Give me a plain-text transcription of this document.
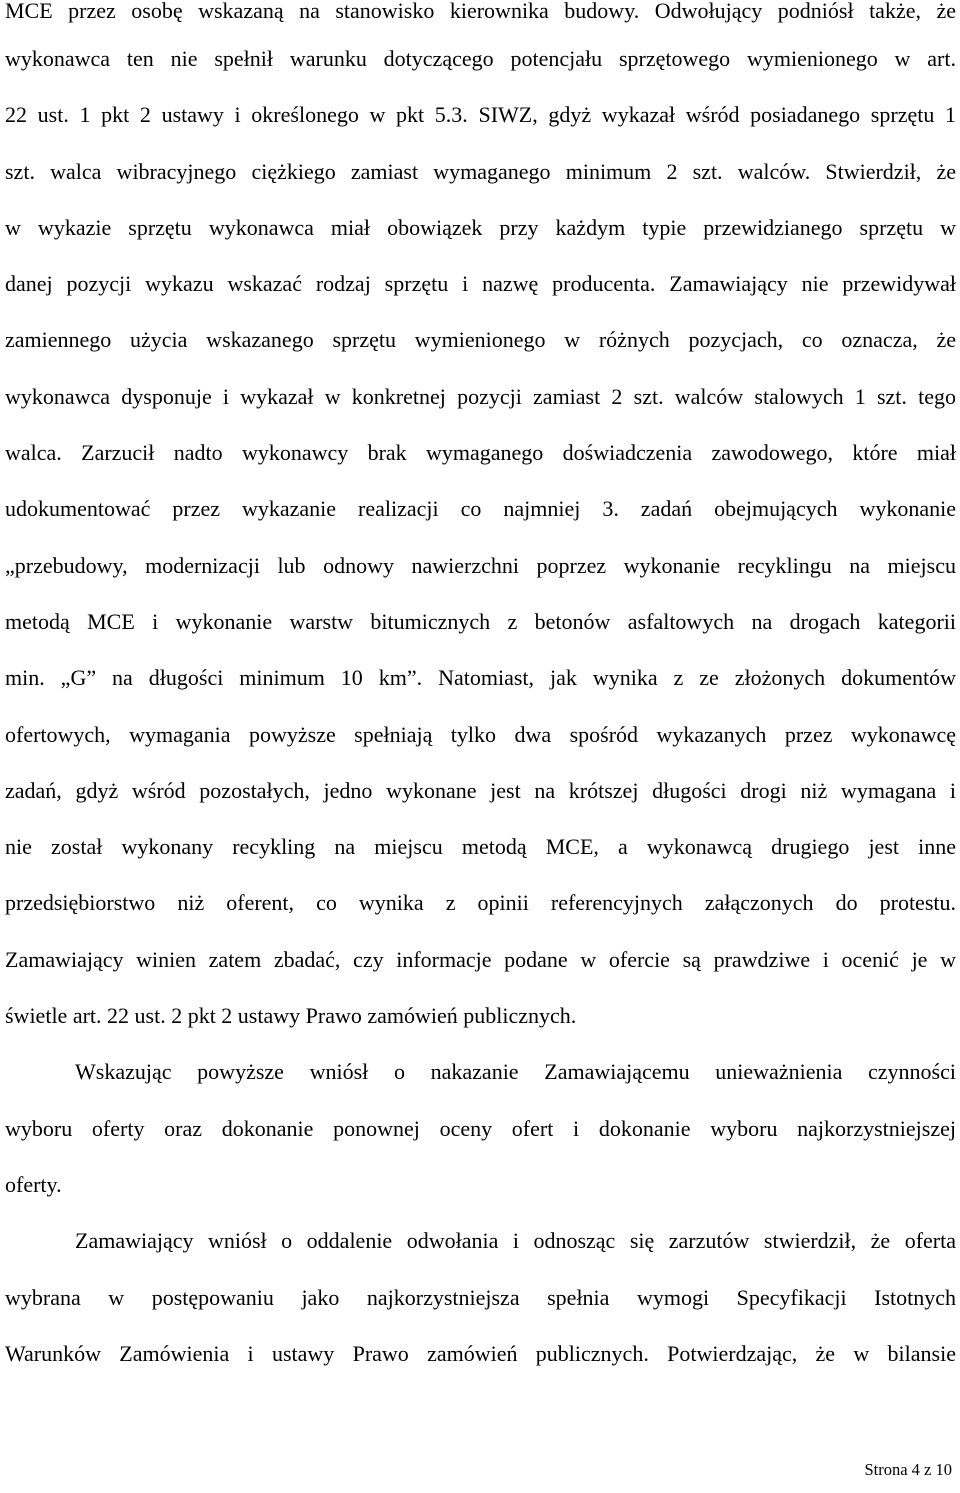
MCE przez osobę wskazaną na stanowisko kierownika budowy. Odwołujący podniósł także, że
wykonawca ten nie spełnił warunku dotyczącego potencjału sprzętowego wymienionego w art.
22 ust. 1 pkt 2 ustawy i określonego w pkt 5.3. SIWZ, gdyż wykazał wśród posiadanego sprzętu 1
szt. walca wibracyjnego ciężkiego zamiast wymaganego minimum 2 szt. walców. Stwierdził, że
w wykazie sprzętu wykonawca miał obowiązek przy każdym typie przewidzianego sprzętu w
danej pozycji wykazu wskazać rodzaj sprzętu i nazwę producenta. Zamawiający nie przewidywał
zamiennego użycia wskazanego sprzętu wymienionego w różnych pozycjach, co oznacza, że
wykonawca dysponuje i wykazał w konkretnej pozycji zamiast 2 szt. walców stalowych 1 szt. tego
walca. Zarzucił nadto wykonawcy brak wymaganego doświadczenia zawodowego, które miał
udokumentować przez wykazanie realizacji co najmniej 3. zadań obejmujących wykonanie
„przebudowy, modernizacji lub odnowy nawierzchni poprzez wykonanie recyklingu na miejscu
metodą MCE i wykonanie warstw bitumicznych z betonów asfaltowych na drogach kategorii
min. „G” na długości minimum 10 km”. Natomiast, jak wynika z ze złożonych dokumentów
ofertowych, wymagania powyższe spełniają tylko dwa spośród wykazanych przez wykonawcę
zadań, gdyż wśród pozostałych, jedno wykonane jest na krótszej długości drogi niż wymagana i
nie został wykonany recykling na miejscu metodą MCE, a wykonawcą drugiego jest inne
przedsiębiorstwo niż oferent, co wynika z opinii referencyjnych załączonych do protestu.
Zamawiający winien zatem zbadać, czy informacje podane w ofercie są prawdziwe i ocenić je w
świetle art. 22 ust. 2 pkt 2 ustawy Prawo zamówień publicznych.
Wskazując powyższe wniósł o nakazanie Zamawiającemu unieważnienia czynności
wyboru oferty oraz dokonanie ponownej oceny ofert i dokonanie wyboru najkorzystniejszej
oferty.
Zamawiający wniósł o oddalenie odwołania i odnosząc się zarzutów stwierdził, że oferta
wybrana w postępowaniu jako najkorzystniejsza spełnia wymogi Specyfikacji Istotnych
Warunków Zamówienia i ustawy Prawo zamówień publicznych. Potwierdzając, że w bilansie
Strona 4 z 10
